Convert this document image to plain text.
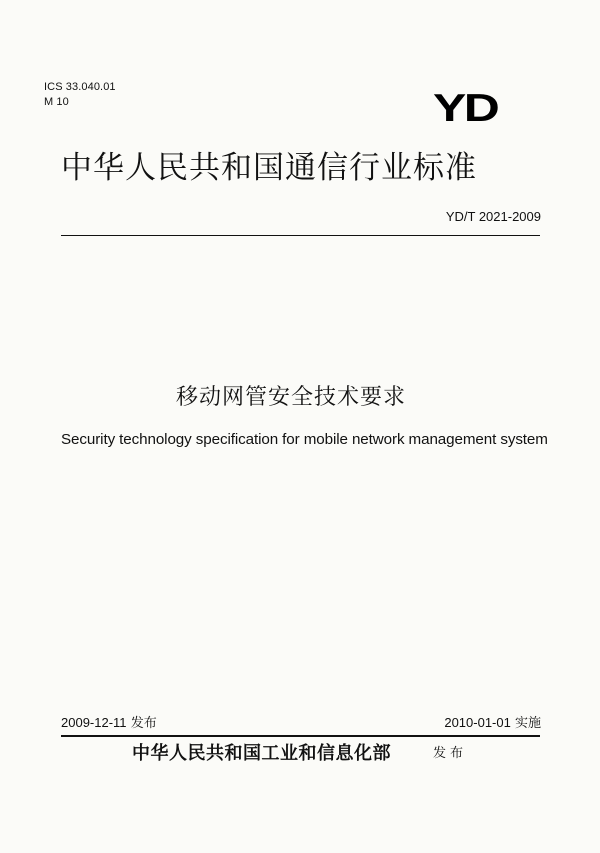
ICS 33.040.01
M 10	YD
中华人民共和国通信行业标准
YD/T 2021-2009
移动网管安全技术要求
Security technology specification for mobile network management system
2009-12-11 发布	2010-01-01 实施
中华人民共和国工业和信息化部	发布
